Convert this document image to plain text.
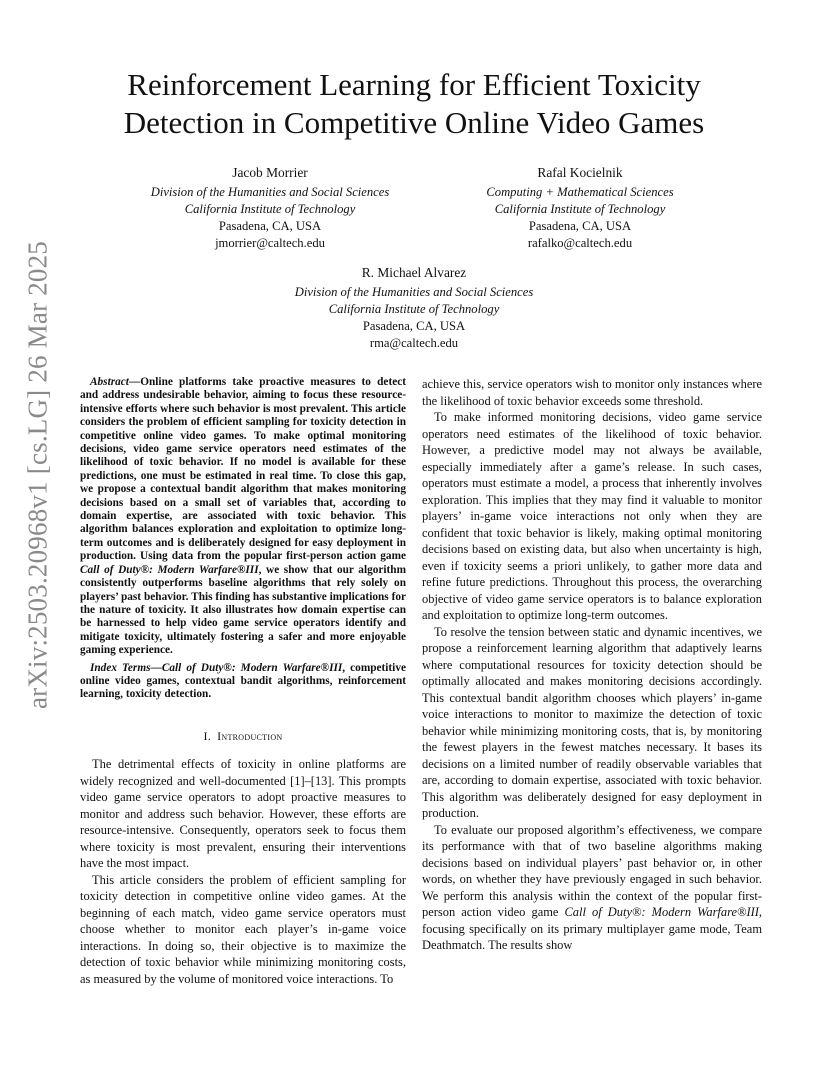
arXiv:2503.20968v1 [cs.LG] 26 Mar 2025
Reinforcement Learning for Efficient Toxicity
Detection in Competitive Online Video Games
Jacob Morrier
Division of the Humanities and Social Sciences
California Institute of Technology
Pasadena, CA, USA
jmorrier@caltech.edu
Rafal Kocielnik
Computing + Mathematical Sciences
California Institute of Technology
Pasadena, CA, USA
rafalko@caltech.edu
R. Michael Alvarez
Division of the Humanities and Social Sciences
California Institute of Technology
Pasadena, CA, USA
rma@caltech.edu

Abstract—Online platforms take proactive measures to detect and address undesirable behavior, aiming to focus these resource-intensive efforts where such behavior is most prevalent. This article considers the problem of efficient sampling for toxicity detection in competitive online video games. To make optimal monitoring decisions, video game service operators need estimates of the likelihood of toxic behavior. If no model is available for these predictions, one must be estimated in real time. To close this gap, we propose a contextual bandit algorithm that makes monitoring decisions based on a small set of variables that, according to domain expertise, are associated with toxic behavior. This algorithm balances exploration and exploitation to optimize long-term outcomes and is deliberately designed for easy deployment in production. Using data from the popular first-person action game Call of Duty®: Modern Warfare®III, we show that our algorithm consistently outperforms baseline algorithms that rely solely on players’ past behavior. This finding has substantive implications for the nature of toxicity. It also illustrates how domain expertise can be harnessed to help video game service operators identify and mitigate toxicity, ultimately fostering a safer and more enjoyable gaming experience.

Index Terms—Call of Duty®: Modern Warfare®III, competitive online video games, contextual bandit algorithms, reinforcement learning, toxicity detection.

I. Introduction

The detrimental effects of toxicity in online platforms are widely recognized and well-documented [1]–[13]. This prompts video game service operators to adopt proactive measures to monitor and address such behavior. However, these efforts are resource-intensive. Consequently, operators seek to focus them where toxicity is most prevalent, ensuring their interventions have the most impact.

This article considers the problem of efficient sampling for toxicity detection in competitive online video games. At the beginning of each match, video game service operators must choose whether to monitor each player’s in-game voice interactions. In doing so, their objective is to maximize the detection of toxic behavior while minimizing monitoring costs, as measured by the volume of monitored voice interactions. To

achieve this, service operators wish to monitor only instances where the likelihood of toxic behavior exceeds some threshold.

To make informed monitoring decisions, video game service operators need estimates of the likelihood of toxic behavior. However, a predictive model may not always be available, especially immediately after a game’s release. In such cases, operators must estimate a model, a process that inherently involves exploration. This implies that they may find it valuable to monitor players’ in-game voice interactions not only when they are confident that toxic behavior is likely, making optimal monitoring decisions based on existing data, but also when uncertainty is high, even if toxicity seems a priori unlikely, to gather more data and refine future predictions. Throughout this process, the overarching objective of video game service operators is to balance exploration and exploitation to optimize long-term outcomes.

To resolve the tension between static and dynamic incentives, we propose a reinforcement learning algorithm that adaptively learns where computational resources for toxicity detection should be optimally allocated and makes monitoring decisions accordingly. This contextual bandit algorithm chooses which players’ in-game voice interactions to monitor to maximize the detection of toxic behavior while minimizing monitoring costs, that is, by monitoring the fewest players in the fewest matches necessary. It bases its decisions on a limited number of readily observable variables that are, according to domain expertise, associated with toxic behavior. This algorithm was deliberately designed for easy deployment in production.

To evaluate our proposed algorithm’s effectiveness, we compare its performance with that of two baseline algorithms making decisions based on individual players’ past behavior or, in other words, on whether they have previously engaged in such behavior. We perform this analysis within the context of the popular first-person action video game Call of Duty®: Modern Warfare®III, focusing specifically on its primary multiplayer game mode, Team Deathmatch. The results show
